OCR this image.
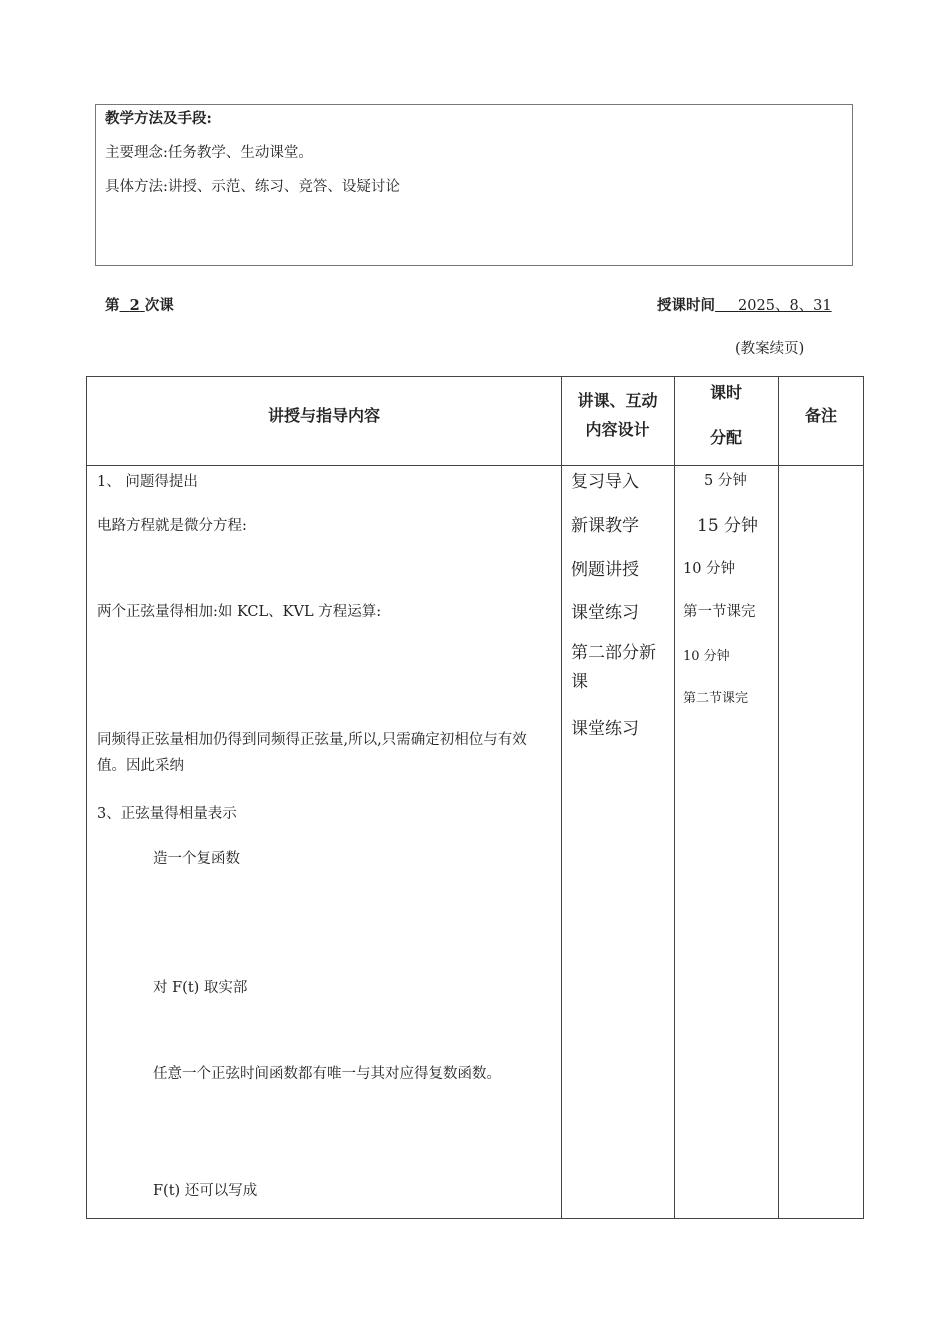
教学方法及手段:
主要理念:任务教学、生动课堂。
具体方法:讲授、示范、练习、竞答、设疑讨论
第 2 次课	授课时间 2025、8、31
(教案续页)
讲授与指导内容
讲课、互动
内容设计
课时
分配
备注
1、 问题得提出
电路方程就是微分方程:
两个正弦量得相加:如 KCL、KVL 方程运算:
同频得正弦量相加仍得到同频得正弦量,所以,只需确定初相位与有效值。因此采纳
3、正弦量得相量表示
造一个复函数
对 F(t) 取实部
任意一个正弦时间函数都有唯一与其对应得复数函数。
F(t) 还可以写成
复习导入
新课教学
例题讲授
课堂练习
第二部分新课
课堂练习
5 分钟
15 分钟
10 分钟
第一节课完
10 分钟
第二节课完
